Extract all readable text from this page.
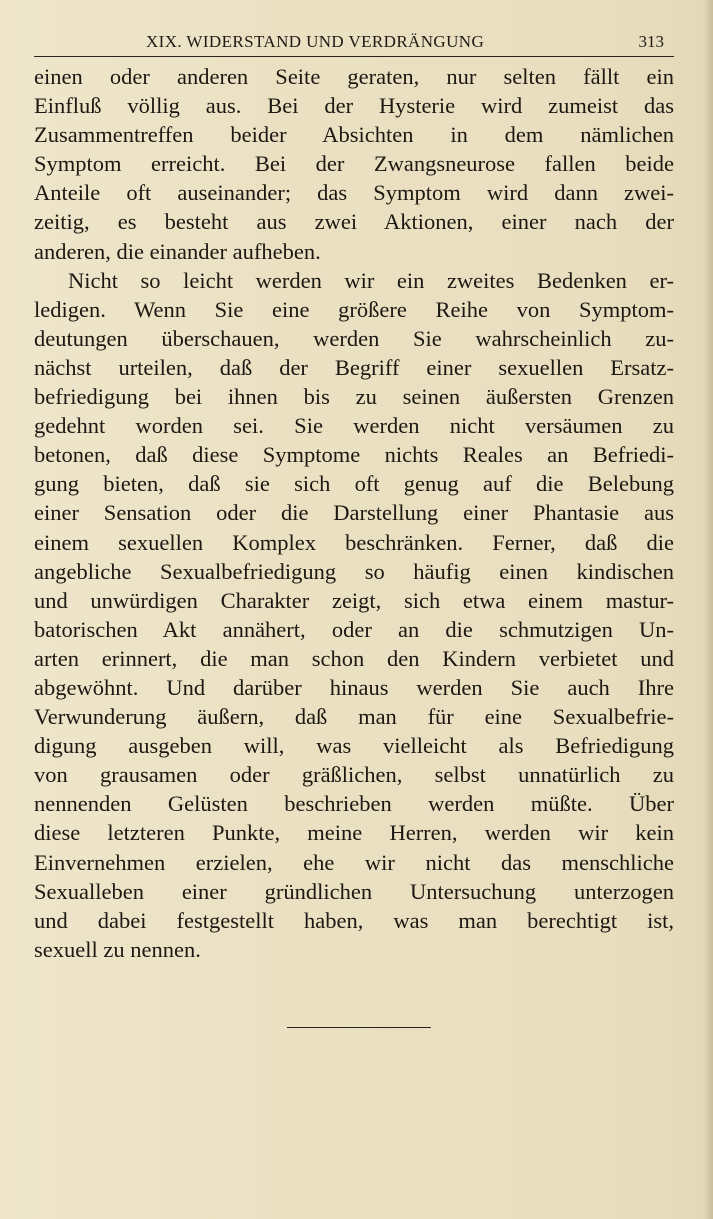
XIX. WIDERSTAND UND VERDRÄNGUNG	313
einen oder anderen Seite geraten, nur selten fällt ein
Einfluß völlig aus. Bei der Hysterie wird zumeist das
Zusammentreffen beider Absichten in dem nämlichen
Symptom erreicht. Bei der Zwangsneurose fallen beide
Anteile oft auseinander; das Symptom wird dann zwei-
zeitig, es besteht aus zwei Aktionen, einer nach der
anderen, die einander aufheben.
Nicht so leicht werden wir ein zweites Bedenken er-
ledigen. Wenn Sie eine größere Reihe von Symptom-
deutungen überschauen, werden Sie wahrscheinlich zu-
nächst urteilen, daß der Begriff einer sexuellen Ersatz-
befriedigung bei ihnen bis zu seinen äußersten Grenzen
gedehnt worden sei. Sie werden nicht versäumen zu
betonen, daß diese Symptome nichts Reales an Befriedi-
gung bieten, daß sie sich oft genug auf die Belebung
einer Sensation oder die Darstellung einer Phantasie aus
einem sexuellen Komplex beschränken. Ferner, daß die
angebliche Sexualbefriedigung so häufig einen kindischen
und unwürdigen Charakter zeigt, sich etwa einem mastur-
batorischen Akt annähert, oder an die schmutzigen Un-
arten erinnert, die man schon den Kindern verbietet und
abgewöhnt. Und darüber hinaus werden Sie auch Ihre
Verwunderung äußern, daß man für eine Sexualbefrie-
digung ausgeben will, was vielleicht als Befriedigung
von grausamen oder gräßlichen, selbst unnatürlich zu
nennenden Gelüsten beschrieben werden müßte. Über
diese letzteren Punkte, meine Herren, werden wir kein
Einvernehmen erzielen, ehe wir nicht das menschliche
Sexualleben einer gründlichen Untersuchung unterzogen
und dabei festgestellt haben, was man berechtigt ist,
sexuell zu nennen.
